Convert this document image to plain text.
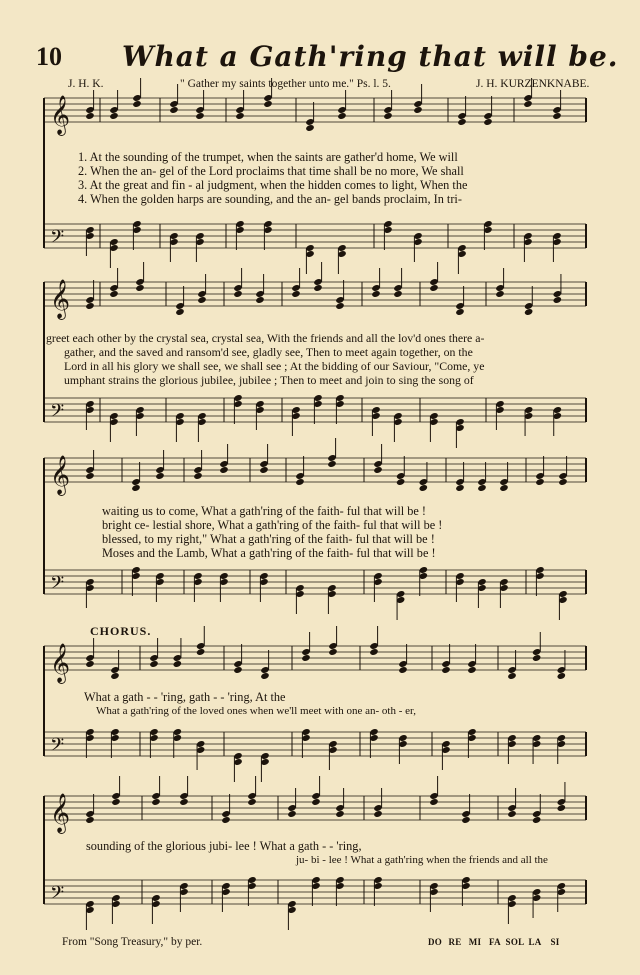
10 What a Gath'ring that will be.
J. H. K.	" Gather my saints together unto me." Ps. l. 5.	J. H. KURZENKNABE.
𝄞
𝄢
𝄞
𝄢
𝄞
𝄢
𝄞
𝄢
𝄞
𝄢
1. At the sounding of the trumpet, when the saints are gather'd home, We will
2. When the an- gel of the Lord proclaims that time shall be no more, We shall
3. At the great and fin - al judgment, when the hidden comes to light, When the
4. When the golden harps are sounding, and the an- gel bands proclaim, In tri-
greet each other by the crystal sea, crystal sea, With the friends and all the lov'd ones there a-
gather, and the saved and ransom'd see, gladly see, Then to meet again together, on the
Lord in all his glory we shall see, we shall see ; At the bidding of our Saviour, "Come, ye
umphant strains the glorious jubilee, jubilee ; Then to meet and join to sing the song of
waiting us to come, What a gath'ring of the faith- ful that will be !
bright ce- lestial shore, What a gath'ring of the faith- ful that will be !
blessed, to my right," What a gath'ring of the faith- ful that will be !
Moses and the Lamb, What a gath'ring of the faith- ful that will be !
CHORUS.
What a gath - - 'ring, gath - - 'ring, At the
What a gath'ring of the loved ones when we'll meet with one an- oth - er,
sounding of the glorious jubi- lee ! What a gath - - 'ring,
ju- bi - lee ! What a gath'ring when the friends and all the
From "Song Treasury," by per.	DO RE MI FA SOL LA SI
